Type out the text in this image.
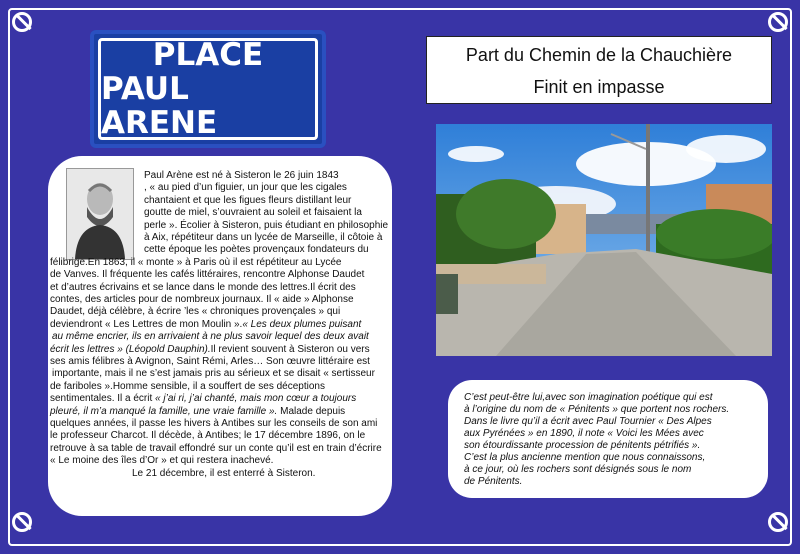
PLACE
PAUL ARENE
Part du Chemin de la Chauchière
Finit en impasse
Paul Arène est né à Sisteron le 26 juin 1843
, « au pied d’un figuier, un jour que les cigales
chantaient et que les figues fleurs distillant leur
goutte de miel, s’ouvraient au soleil et faisaient la
perle ». Écolier à Sisteron, puis étudiant en philosophie
à Aix, répétiteur dans un lycée de Marseille, il côtoie à
cette époque les poètes provençaux fondateurs du
félibrige.En 1863, il « monte » à Paris où il est répétiteur au Lycée
de Vanves. Il fréquente les cafés littéraires, rencontre Alphonse Daudet
et d’autres écrivains et se lance dans le monde des lettres.Il écrit des
contes, des articles pour de nombreux journaux. Il « aide » Alphonse
Daudet, déjà célèbre, à écrire ’les « chroniques provençales » qui
deviendront « Les Lettres de mon Moulin ».« Les deux plumes puisant
au même encrier, ils en arrivaient à ne plus savoir lequel des deux avait
écrit les lettres » (Léopold Dauphin).Il revient souvent à Sisteron ou vers
ses amis félibres à Avignon, Saint Rémi, Arles… Son œuvre littéraire est
importante, mais il ne s’est jamais pris au sérieux et se disait « sertisseur
de fariboles ».Homme sensible, il a souffert de ses déceptions
sentimentales. Il a écrit « j’ai ri, j’ai chanté, mais mon cœur a toujours
pleuré, il m’a manqué la famille, une vraie famille ». Malade depuis
quelques années, il passe les hivers à Antibes sur les conseils de son ami
le professeur Charcot. Il décède, à Antibes; le 17 décembre 1896, on le
retrouve à sa table de travail effondré sur un conte qu’il est en train d’écrire
« Le moine des îles d’Or » et qui restera inachevé.
Le 21 décembre, il est enterré à Sisteron.
C’est peut-être lui,avec son imagination poétique qui est
à l’origine du nom de « Pénitents » que portent nos rochers.
Dans le livre qu’il a écrit avec Paul Tournier « Des Alpes
aux Pyrénées » en 1890, il note « Voici les Mées avec
son étourdissante procession de pénitents pétrifiés ».
C’est la plus ancienne mention que nous connaissons,
à ce jour, où les rochers sont désignés sous le nom
de Pénitents.
